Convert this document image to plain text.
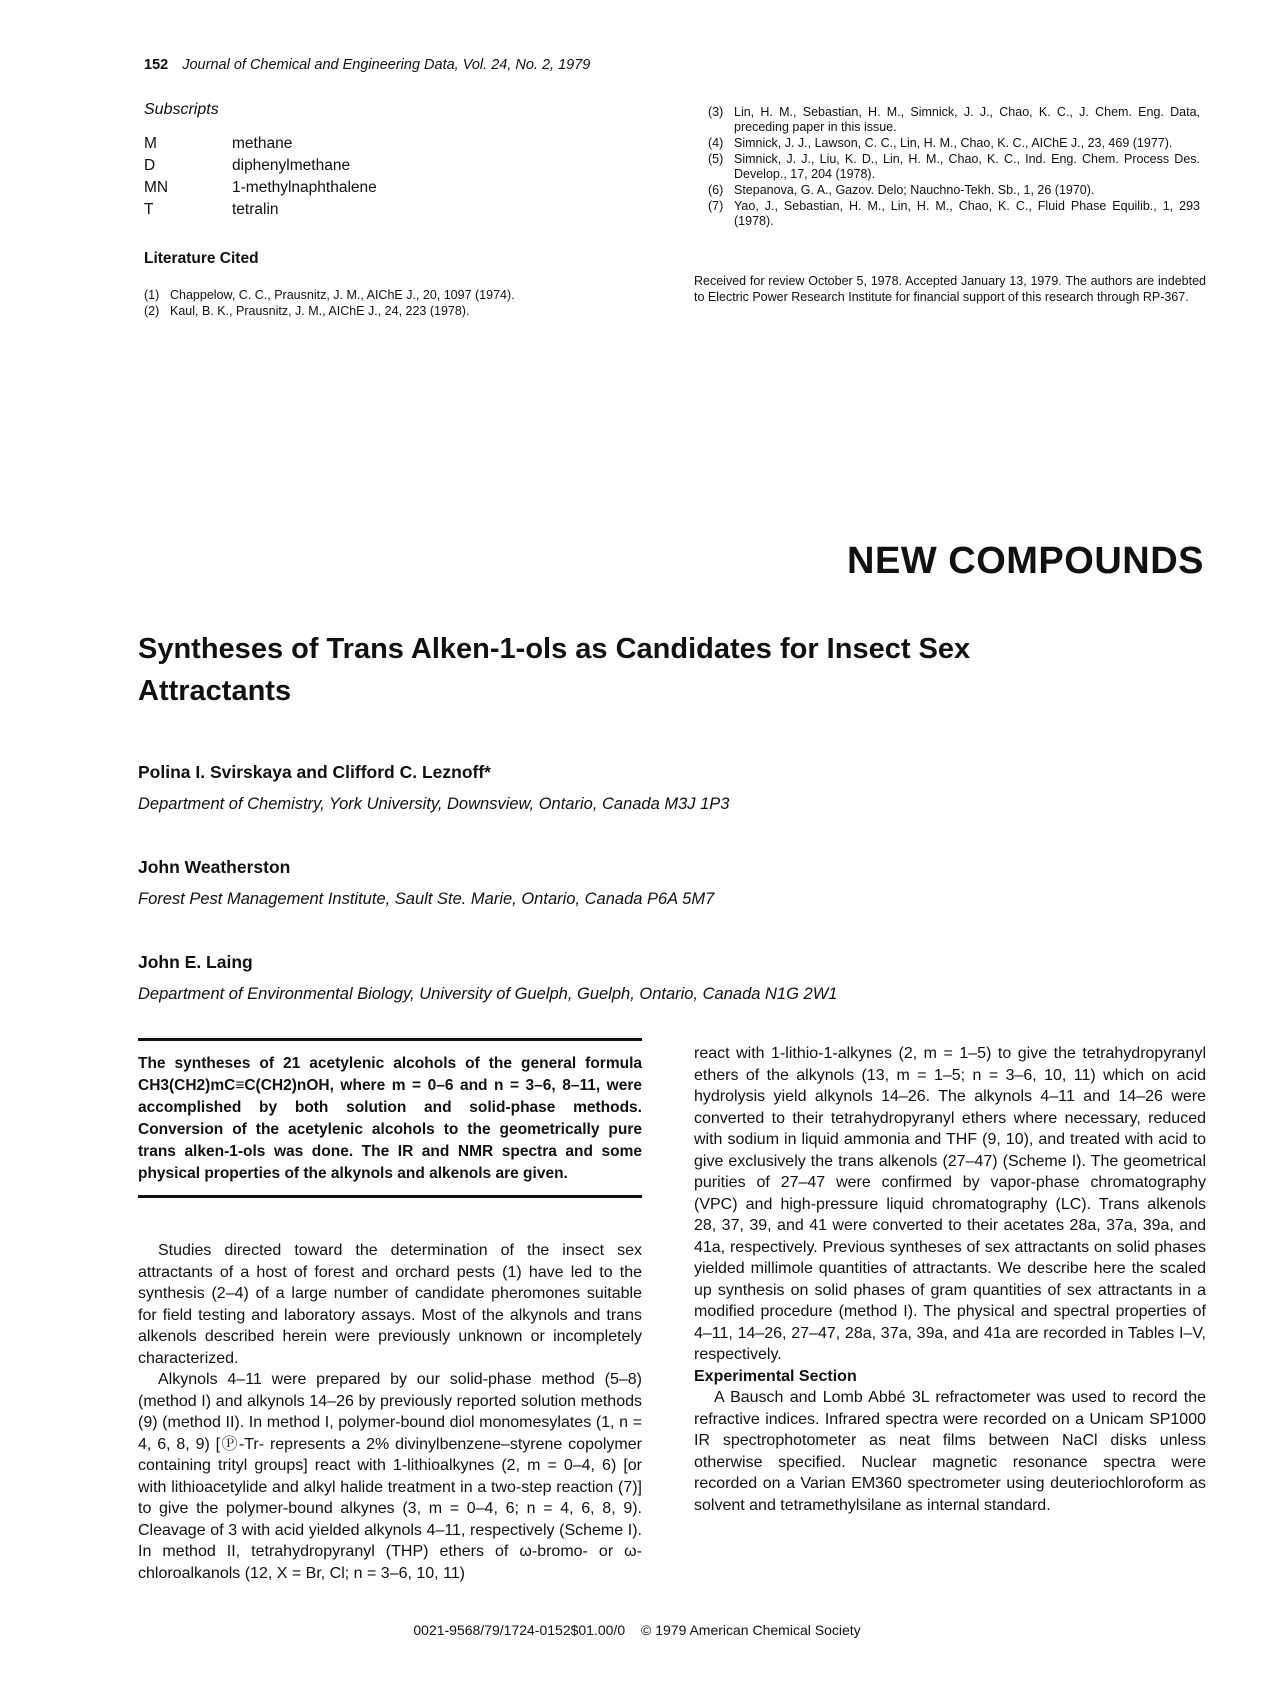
152 Journal of Chemical and Engineering Data, Vol. 24, No. 2, 1979
Subscripts
M	methane
D	diphenylmethane
MN	1-methylnaphthalene
T	tetralin
Literature Cited
(1) Chappelow, C. C., Prausnitz, J. M., AIChE J., 20, 1097 (1974).
(2) Kaul, B. K., Prausnitz, J. M., AIChE J., 24, 223 (1978).
(3) Lin, H. M., Sebastian, H. M., Simnick, J. J., Chao, K. C., J. Chem. Eng. Data, preceding paper in this issue.
(4) Simnick, J. J., Lawson, C. C., Lin, H. M., Chao, K. C., AIChE J., 23, 469 (1977).
(5) Simnick, J. J., Liu, K. D., Lin, H. M., Chao, K. C., Ind. Eng. Chem. Process Des. Develop., 17, 204 (1978).
(6) Stepanova, G. A., Gazov. Delo; Nauchno-Tekh. Sb., 1, 26 (1970).
(7) Yao, J., Sebastian, H. M., Lin, H. M., Chao, K. C., Fluid Phase Equilib., 1, 293 (1978).
Received for review October 5, 1978. Accepted January 13, 1979. The authors are indebted to Electric Power Research Institute for financial support of this research through RP-367.
NEW COMPOUNDS
Syntheses of Trans Alken-1-ols as Candidates for Insect Sex Attractants
Polina I. Svirskaya and Clifford C. Leznoff*
Department of Chemistry, York University, Downsview, Ontario, Canada M3J 1P3
John Weatherston
Forest Pest Management Institute, Sault Ste. Marie, Ontario, Canada P6A 5M7
John E. Laing
Department of Environmental Biology, University of Guelph, Guelph, Ontario, Canada N1G 2W1
The syntheses of 21 acetylenic alcohols of the general formula CH3(CH2)mC≡C(CH2)nOH, where m = 0–6 and n = 3–6, 8–11, were accomplished by both solution and solid-phase methods. Conversion of the acetylenic alcohols to the geometrically pure trans alken-1-ols was done. The IR and NMR spectra and some physical properties of the alkynols and alkenols are given.

Studies directed toward the determination of the insect sex attractants of a host of forest and orchard pests (1) have led to the synthesis (2–4) of a large number of candidate pheromones suitable for field testing and laboratory assays. Most of the alkynols and trans alkenols described herein were previously unknown or incompletely characterized.

Alkynols 4–11 were prepared by our solid-phase method (5–8) (method I) and alkynols 14–26 by previously reported solution methods (9) (method II). In method I, polymer-bound diol monomesylates (1, n = 4, 6, 8, 9) [Ⓟ-Tr- represents a 2% divinylbenzene–styrene copolymer containing trityl groups] react with 1-lithioalkynes (2, m = 0–4, 6) [or with lithioacetylide and alkyl halide treatment in a two-step reaction (7)] to give the polymer-bound alkynes (3, m = 0–4, 6; n = 4, 6, 8, 9). Cleavage of 3 with acid yielded alkynols 4–11, respectively (Scheme I). In method II, tetrahydropyranyl (THP) ethers of ω-bromo- or ω-chloroalkanols (12, X = Br, Cl; n = 3–6, 10, 11)

react with 1-lithio-1-alkynes (2, m = 1–5) to give the tetrahydropyranyl ethers of the alkynols (13, m = 1–5; n = 3–6, 10, 11) which on acid hydrolysis yield alkynols 14–26. The alkynols 4–11 and 14–26 were converted to their tetrahydropyranyl ethers where necessary, reduced with sodium in liquid ammonia and THF (9, 10), and treated with acid to give exclusively the trans alkenols (27–47) (Scheme I). The geometrical purities of 27–47 were confirmed by vapor-phase chromatography (VPC) and high-pressure liquid chromatography (LC). Trans alkenols 28, 37, 39, and 41 were converted to their acetates 28a, 37a, 39a, and 41a, respectively. Previous syntheses of sex attractants on solid phases yielded millimole quantities of attractants. We describe here the scaled up synthesis on solid phases of gram quantities of sex attractants in a modified procedure (method I). The physical and spectral properties of 4–11, 14–26, 27–47, 28a, 37a, 39a, and 41a are recorded in Tables I–V, respectively.

Experimental Section

A Bausch and Lomb Abbé 3L refractometer was used to record the refractive indices. Infrared spectra were recorded on a Unicam SP1000 IR spectrophotometer as neat films between NaCl disks unless otherwise specified. Nuclear magnetic resonance spectra were recorded on a Varian EM360 spectrometer using deuteriochloroform as solvent and tetramethylsilane as internal standard.

0021-9568/79/1724-0152$01.00/0 © 1979 American Chemical Society
